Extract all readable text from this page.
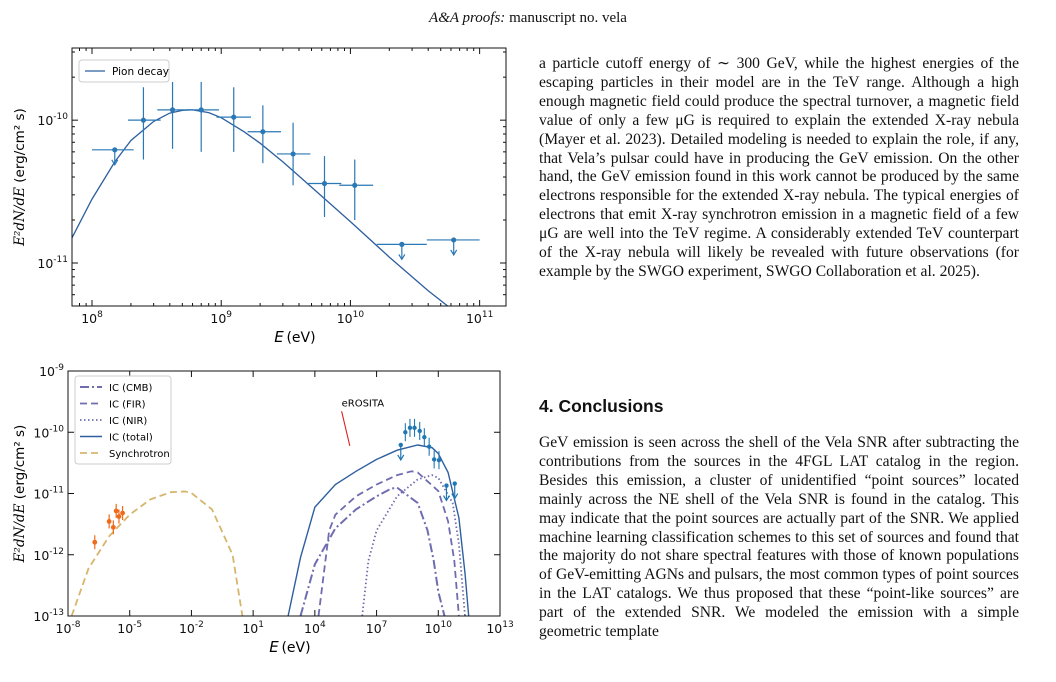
A&A proofs: manuscript no. vela
$10^8$	$10^9$	$10^{10}$	$10^{11}$
$10^{-11}$
$10^{-10}$
Pion decay
E (eV)
E²dN/dE (erg/cm² s)
eROSITA
$10^{-8}$	$10^{-5}$	$10^{-2}$	$10^1$	$10^4$	$10^7$	$10^{10}$	$10^{13}$
$10^{-13}$
$10^{-12}$
$10^{-11}$
$10^{-10}$
$10^{-9}$
IC (CMB)
IC (FIR)
IC (NIR)
IC (total)
Synchrotron
E (eV)
E²dN/dE (erg/cm² s)
a particle cutoff energy of ∼ 300 GeV, while the highest energies of the escaping particles in their model are in the TeV range. Although a high enough magnetic field could produce the spectral turnover, a magnetic field value of only a few μG is required to explain the extended X-ray nebula (Mayer et al. 2023). Detailed modeling is needed to explain the role, if any, that Vela’s pulsar could have in producing the GeV emission. On the other hand, the GeV emission found in this work cannot be produced by the same electrons responsible for the extended X-ray nebula. The typical energies of electrons that emit X-ray synchrotron emission in a magnetic field of a few μG are well into the TeV regime. A considerably extended TeV counterpart of the X-ray nebula will likely be revealed with future observations (for example by the SWGO experiment, SWGO Collaboration et al. 2025).
4. Conclusions
GeV emission is seen across the shell of the Vela SNR after subtracting the contributions from the sources in the 4FGL LAT catalog in the region. Besides this emission, a cluster of unidentified “point sources” located mainly across the NE shell of the Vela SNR is found in the catalog. This may indicate that the point sources are actually part of the SNR. We applied machine learning classification schemes to this set of sources and found that the majority do not share spectral features with those of known populations of GeV-emitting AGNs and pulsars, the most common types of point sources in the LAT catalogs. We thus proposed that these “point-like sources” are part of the extended SNR. We modeled the emission with a simple geometric template
